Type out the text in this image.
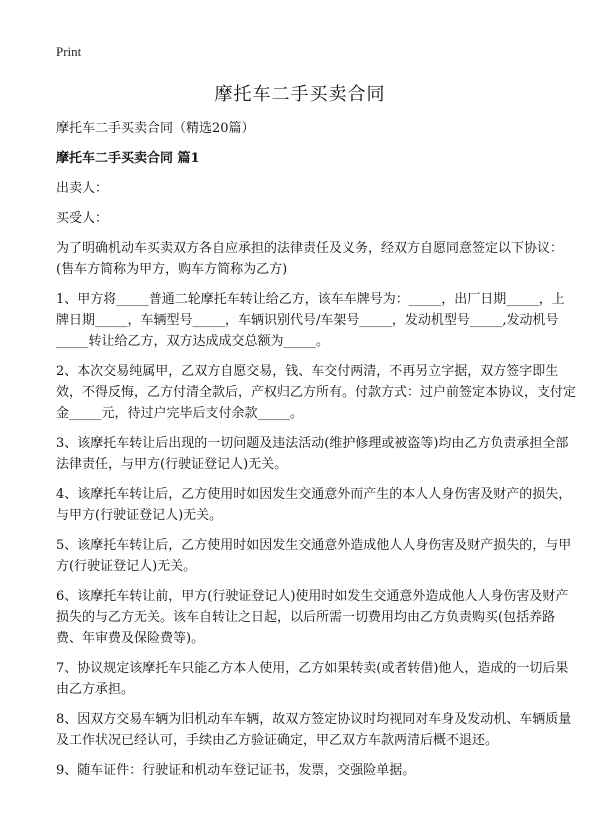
Print
摩托车二手买卖合同

摩托车二手买卖合同（精选20篇）

摩托车二手买卖合同 篇1

出卖人：

买受人：

为了明确机动车买卖双方各自应承担的法律责任及义务，经双方自愿同意签定以下协议：(售车方简称为甲方，购车方简称为乙方)

1、甲方将_____普通二轮摩托车转让给乙方，该车车牌号为：_____，出厂日期_____，上牌日期_____，车辆型号_____，车辆识别代号/车架号_____，发动机型号_____,发动机号_____转让给乙方，双方达成成交总额为_____。

2、本次交易纯属甲，乙双方自愿交易，钱、车交付两清，不再另立字据，双方签字即生效，不得反悔，乙方付清全款后，产权归乙方所有。付款方式：过户前签定本协议，支付定金_____元，待过户完毕后支付余款_____。

3、该摩托车转让后出现的一切问题及违法活动(维护修理或被盗等)均由乙方负责承担全部法律责任，与甲方(行驶证登记人)无关。

4、该摩托车转让后，乙方使用时如因发生交通意外而产生的本人人身伤害及财产的损失，与甲方(行驶证登记人)无关。

5、该摩托车转让后，乙方使用时如因发生交通意外造成他人人身伤害及财产损失的，与甲方(行驶证登记人)无关。

6、该摩托车转让前，甲方(行驶证登记人)使用时如发生交通意外造成他人人身伤害及财产损失的与乙方无关。该车自转让之日起，以后所需一切费用均由乙方负责购买(包括养路费、年审费及保险费等)。

7、协议规定该摩托车只能乙方本人使用，乙方如果转卖(或者转借)他人，造成的一切后果由乙方承担。

8、因双方交易车辆为旧机动车车辆，故双方签定协议时均视同对车身及发动机、车辆质量及工作状况已经认可，手续由乙方验证确定，甲乙双方车款两清后概不退还。

9、随车证件：行驶证和机动车登记证书，发票，交强险单据。
